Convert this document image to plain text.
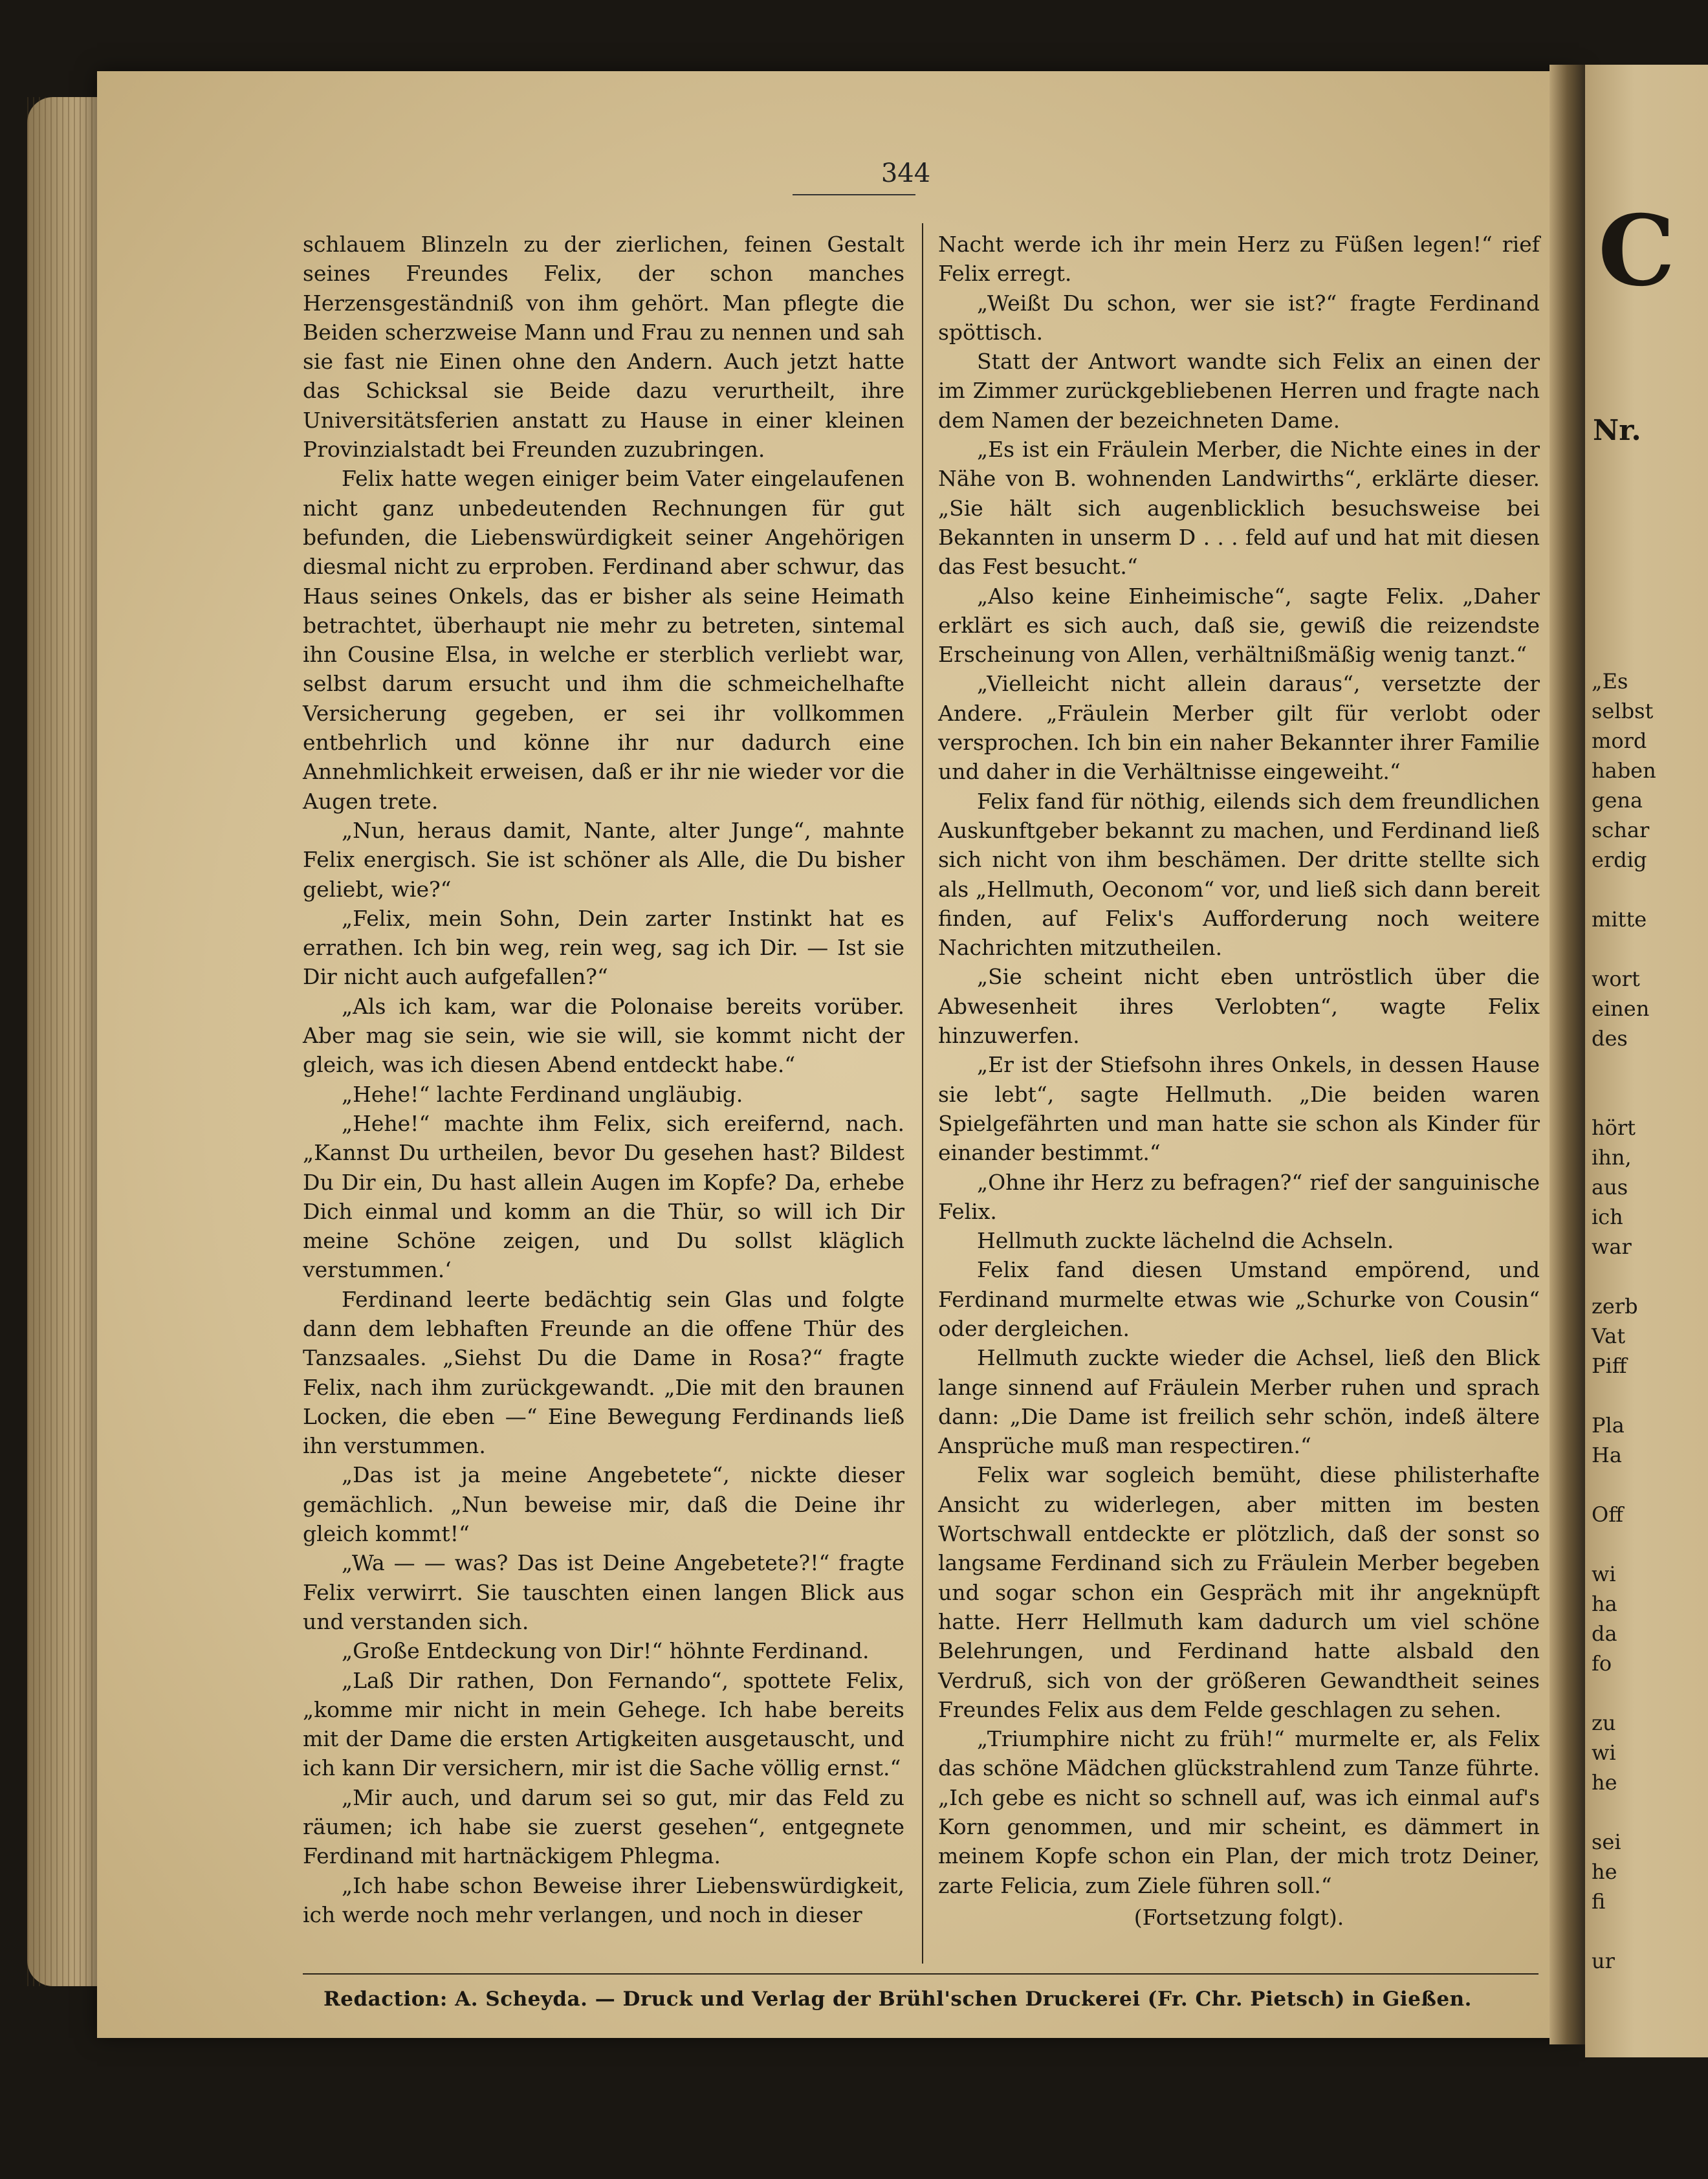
C
Nr.
„Es
selbst
mord
haben
gena
schar
erdig
mitte
wort
einen
des
hört
ihn,
aus
ich
war
zerb
Vat
Piff
Pla
Ha
Off
wi
ha
da
fo
zu
wi
he
sei
he
fi
ur
344

schlauem Blinzeln zu der zierlichen, feinen Gestalt seines Freundes Felix, der schon manches Herzensgeständniß von ihm gehört. Man pflegte die Beiden scherzweise Mann und Frau zu nennen und sah sie fast nie Einen ohne den Andern. Auch jetzt hatte das Schicksal sie Beide dazu verurtheilt, ihre Universitätsferien anstatt zu Hause in einer kleinen Provinzialstadt bei Freunden zuzubringen.

Felix hatte wegen einiger beim Vater eingelaufenen nicht ganz unbedeutenden Rechnungen für gut befunden, die Liebenswürdigkeit seiner Angehörigen diesmal nicht zu erproben. Ferdinand aber schwur, das Haus seines Onkels, das er bisher als seine Heimath betrachtet, überhaupt nie mehr zu betreten, sintemal ihn Cousine Elsa, in welche er sterblich verliebt war, selbst darum ersucht und ihm die schmeichelhafte Versicherung gegeben, er sei ihr vollkommen entbehrlich und könne ihr nur dadurch eine Annehmlichkeit erweisen, daß er ihr nie wieder vor die Augen trete.

„Nun, heraus damit, Nante, alter Junge“, mahnte Felix energisch. Sie ist schöner als Alle, die Du bisher geliebt, wie?“

„Felix, mein Sohn, Dein zarter Instinkt hat es errathen. Ich bin weg, rein weg, sag ich Dir. — Ist sie Dir nicht auch aufgefallen?“

„Als ich kam, war die Polonaise bereits vorüber. Aber mag sie sein, wie sie will, sie kommt nicht der gleich, was ich diesen Abend entdeckt habe.“

„Hehe!“ lachte Ferdinand ungläubig.

„Hehe!“ machte ihm Felix, sich ereifernd, nach. „Kannst Du urtheilen, bevor Du gesehen hast? Bildest Du Dir ein, Du hast allein Augen im Kopfe? Da, erhebe Dich einmal und komm an die Thür, so will ich Dir meine Schöne zeigen, und Du sollst kläglich verstummen.‘

Ferdinand leerte bedächtig sein Glas und folgte dann dem lebhaften Freunde an die offene Thür des Tanzsaales. „Siehst Du die Dame in Rosa?“ fragte Felix, nach ihm zurückgewandt. „Die mit den braunen Locken, die eben —“ Eine Bewegung Ferdinands ließ ihn verstummen.

„Das ist ja meine Angebetete“, nickte dieser gemächlich. „Nun beweise mir, daß die Deine ihr gleich kommt!“

„Wa — — was? Das ist Deine Angebetete?!“ fragte Felix verwirrt. Sie tauschten einen langen Blick aus und verstanden sich.

„Große Entdeckung von Dir!“ höhnte Ferdinand.

„Laß Dir rathen, Don Fernando“, spottete Felix, „komme mir nicht in mein Gehege. Ich habe bereits mit der Dame die ersten Artigkeiten ausgetauscht, und ich kann Dir versichern, mir ist die Sache völlig ernst.“

„Mir auch, und darum sei so gut, mir das Feld zu räumen; ich habe sie zuerst gesehen“, entgegnete Ferdinand mit hartnäckigem Phlegma.

„Ich habe schon Beweise ihrer Liebenswürdigkeit, ich werde noch mehr verlangen, und noch in dieser

Nacht werde ich ihr mein Herz zu Füßen legen!“ rief Felix erregt.

„Weißt Du schon, wer sie ist?“ fragte Ferdinand spöttisch.

Statt der Antwort wandte sich Felix an einen der im Zimmer zurückgebliebenen Herren und fragte nach dem Namen der bezeichneten Dame.

„Es ist ein Fräulein Merber, die Nichte eines in der Nähe von B. wohnenden Landwirths“, erklärte dieser. „Sie hält sich augenblicklich besuchsweise bei Bekannten in unserm D . . . feld auf und hat mit diesen das Fest besucht.“

„Also keine Einheimische“, sagte Felix. „Daher erklärt es sich auch, daß sie, gewiß die reizendste Erscheinung von Allen, verhältnißmäßig wenig tanzt.“

„Vielleicht nicht allein daraus“, versetzte der Andere. „Fräulein Merber gilt für verlobt oder versprochen. Ich bin ein naher Bekannter ihrer Familie und daher in die Verhältnisse eingeweiht.“

Felix fand für nöthig, eilends sich dem freundlichen Auskunftgeber bekannt zu machen, und Ferdinand ließ sich nicht von ihm beschämen. Der dritte stellte sich als „Hellmuth, Oeconom“ vor, und ließ sich dann bereit finden, auf Felix's Aufforderung noch weitere Nachrichten mitzutheilen.

„Sie scheint nicht eben untröstlich über die Abwesenheit ihres Verlobten“, wagte Felix hinzuwerfen.

„Er ist der Stiefsohn ihres Onkels, in dessen Hause sie lebt“, sagte Hellmuth. „Die beiden waren Spielgefährten und man hatte sie schon als Kinder für einander bestimmt.“

„Ohne ihr Herz zu befragen?“ rief der sanguinische Felix.

Hellmuth zuckte lächelnd die Achseln.

Felix fand diesen Umstand empörend, und Ferdinand murmelte etwas wie „Schurke von Cousin“ oder dergleichen.

Hellmuth zuckte wieder die Achsel, ließ den Blick lange sinnend auf Fräulein Merber ruhen und sprach dann: „Die Dame ist freilich sehr schön, indeß ältere Ansprüche muß man respectiren.“

Felix war sogleich bemüht, diese philisterhafte Ansicht zu widerlegen, aber mitten im besten Wortschwall entdeckte er plötzlich, daß der sonst so langsame Ferdinand sich zu Fräulein Merber begeben und sogar schon ein Gespräch mit ihr angeknüpft hatte. Herr Hellmuth kam dadurch um viel schöne Belehrungen, und Ferdinand hatte alsbald den Verdruß, sich von der größeren Gewandtheit seines Freundes Felix aus dem Felde geschlagen zu sehen.

„Triumphire nicht zu früh!“ murmelte er, als Felix das schöne Mädchen glückstrahlend zum Tanze führte. „Ich gebe es nicht so schnell auf, was ich einmal auf's Korn genommen, und mir scheint, es dämmert in meinem Kopfe schon ein Plan, der mich trotz Deiner, zarte Felicia, zum Ziele führen soll.“

(Fortsetzung folgt).

Redaction: A. Scheyda. — Druck und Verlag der Brühl'schen Druckerei (Fr. Chr. Pietsch) in Gießen.
